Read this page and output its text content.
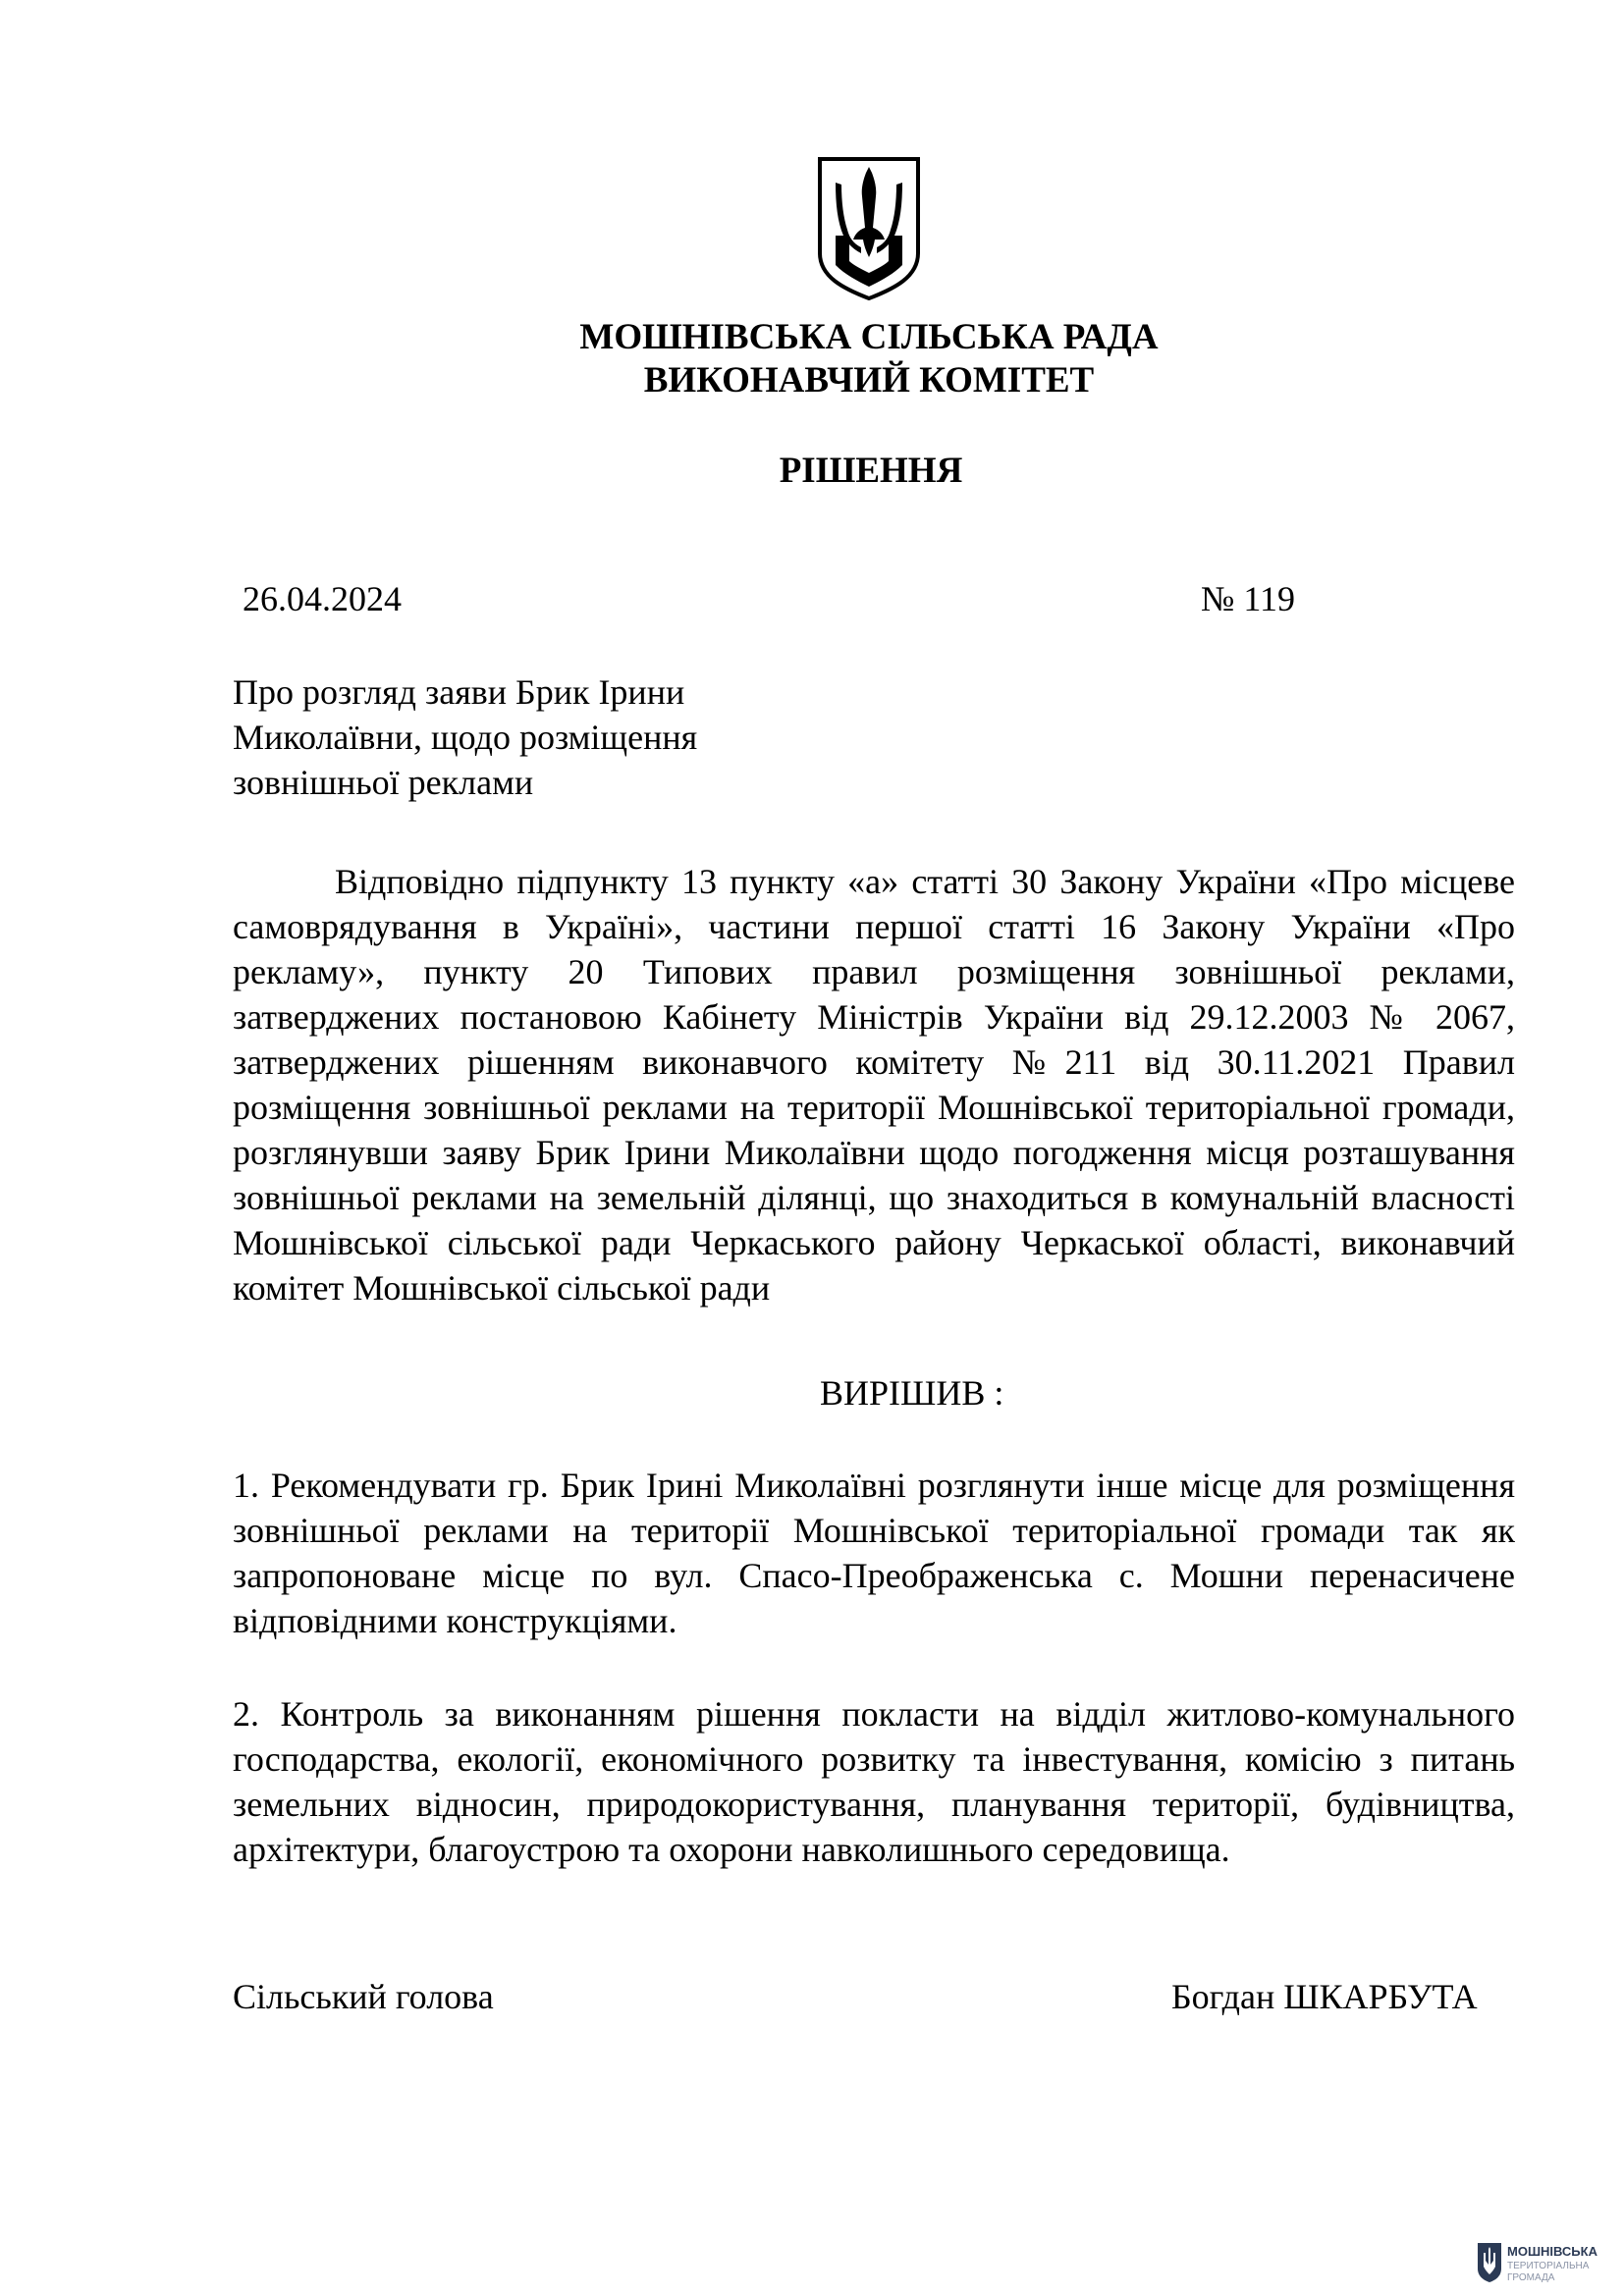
МОШНІВСЬКА СІЛЬСЬКА РАДА
ВИКОНАВЧИЙ КОМІТЕТ
РІШЕННЯ
26.04.2024	№ 119
Про розгляд заяви Брик Ірини
Миколаївни, щодо розміщення
зовнішньої реклами

Відповідно підпункту 13 пункту «а» статті 30 Закону України «Про місцеве самоврядування в Україні», частини першої статті 16 Закону України «Про рекламу», пункту 20 Типових правил розміщення зовнішньої реклами, затверджених постановою Кабінету Міністрів України від 29.12.2003 № 2067, затверджених рішенням виконавчого комітету №211 від 30.11.2021 Правил розміщення зовнішньої реклами на території Мошнівської територіальної громади, розглянувши заяву Брик Ірини Миколаївни щодо погодження місця розташування зовнішньої реклами на земельній ділянці, що знаходиться в комунальній власності Мошнівської сільської ради Черкаського району Черкаської області, виконавчий комітет Мошнівської сільської ради

ВИРІШИВ :

1. Рекомендувати гр. Брик Ірині Миколаївні розглянути інше місце для розміщення зовнішньої реклами на території Мошнівської територіальної громади так як запропоноване місце по вул. Спасо-Преображенська с. Мошни перенасичене відповідними конструкціями.

2. Контроль за виконанням рішення покласти на відділ житлово-комунального господарства, екології, економічного розвитку та інвестування, комісію з питань земельних відносин, природокористування, планування території, будівництва, архітектури, благоустрою та охорони навколишнього середовища.

Сільський голова	Богдан ШКАРБУТА
МОШНІВСЬКА
ТЕРИТОРІАЛЬНА
ГРОМАДА
